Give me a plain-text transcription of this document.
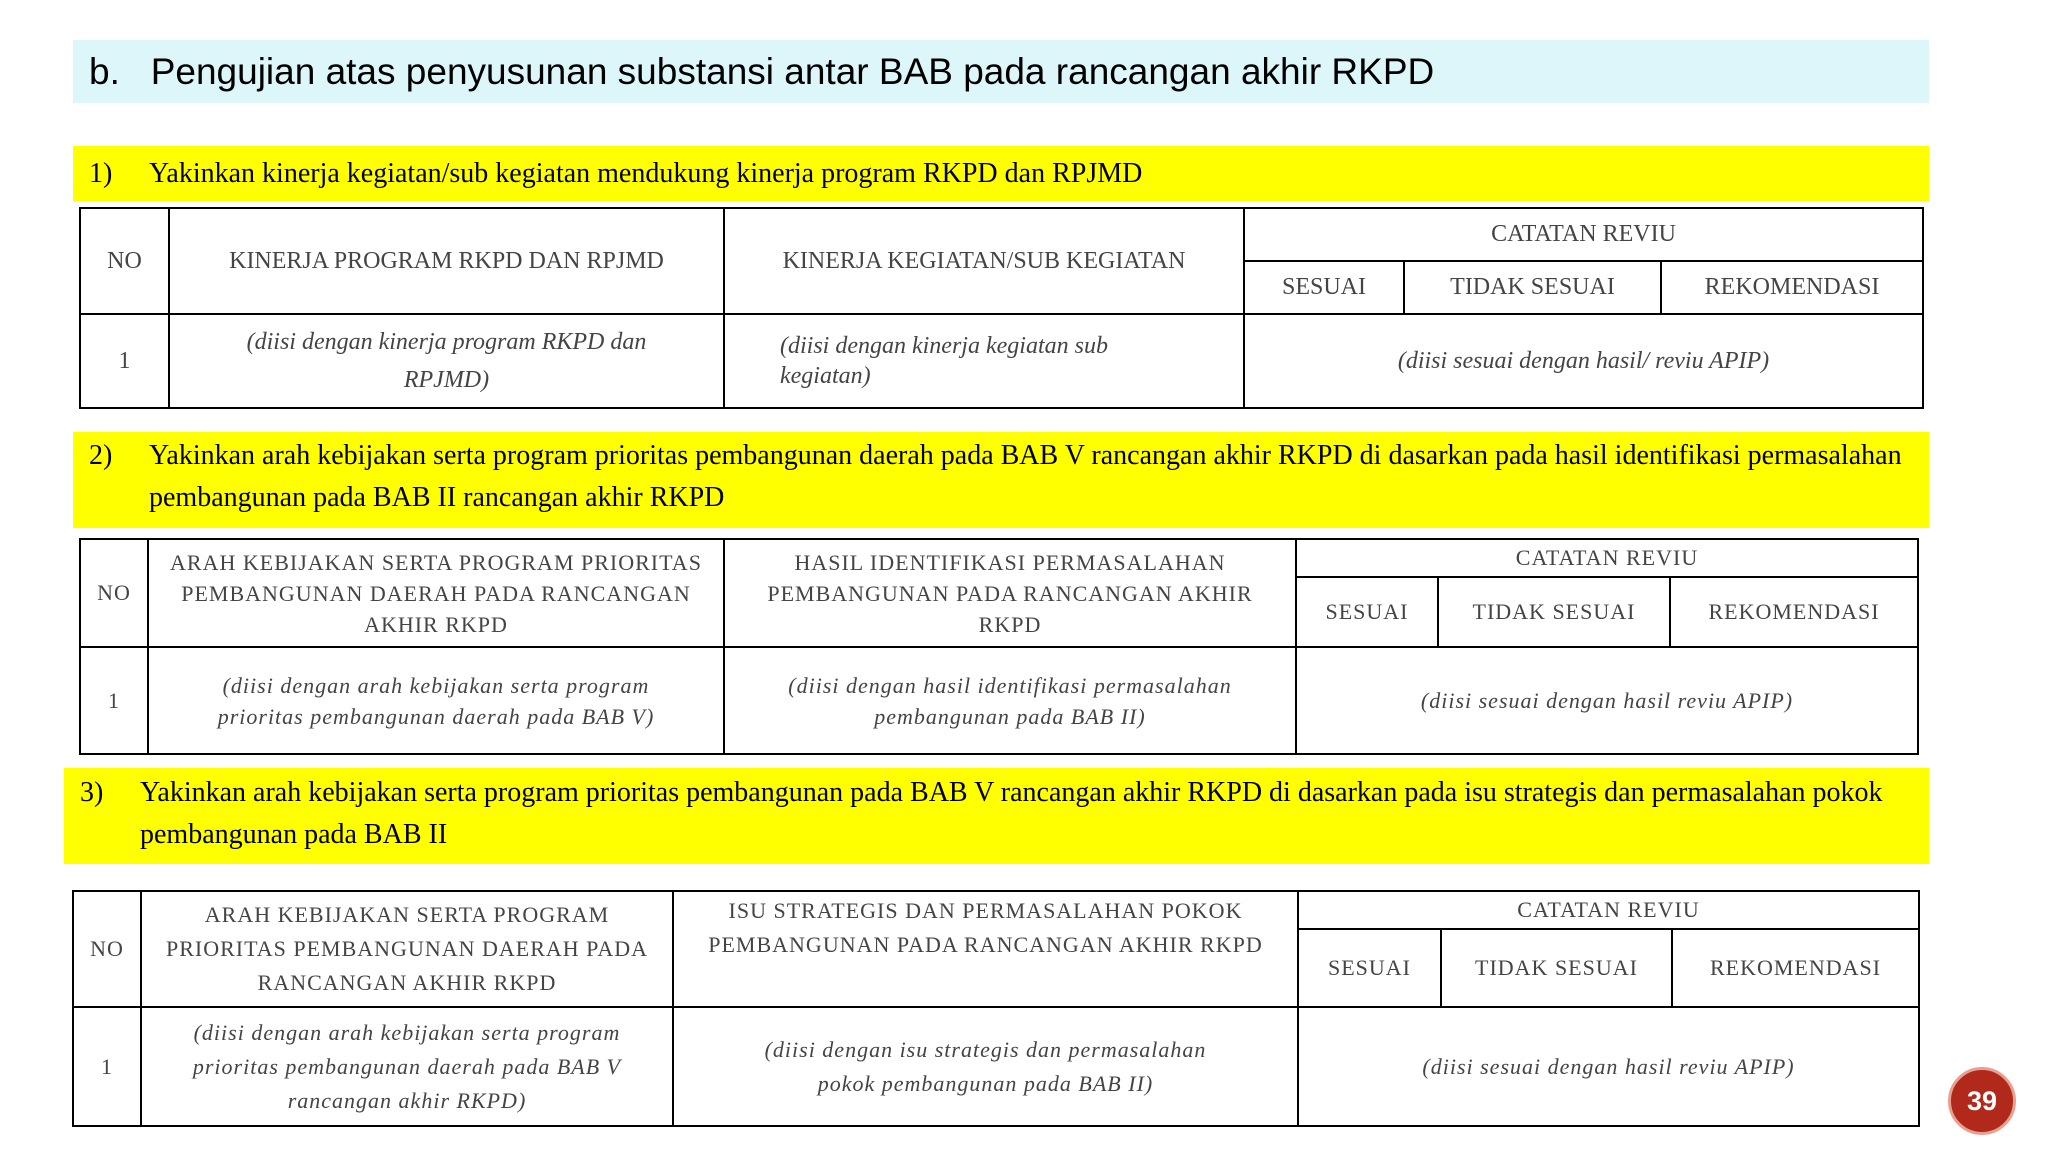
b. Pengujian atas penyusunan substansi antar BAB pada rancangan akhir RKPD
1) Yakinkan kinerja kegiatan/sub kegiatan mendukung kinerja program RKPD dan RPJMD
NO	KINERJA PROGRAM RKPD DAN RPJMD	KINERJA KEGIATAN/SUB KEGIATAN	CATATAN REVIU		
			SESUAI	TIDAK SESUAI	REKOMENDASI
1	(diisi dengan kinerja program RKPD dan RPJMD)	(diisi dengan kinerja kegiatan sub kegiatan)	(diisi sesuai dengan hasil/ reviu APIP)		
2) Yakinkan arah kebijakan serta program prioritas pembangunan daerah pada BAB V rancangan akhir RKPD di dasarkan pada hasil identifikasi permasalahan pembangunan pada BAB II rancangan akhir RKPD
NO	ARAH KEBIJAKAN SERTA PROGRAM PRIORITAS PEMBANGUNAN DAERAH PADA RANCANGAN AKHIR RKPD	HASIL IDENTIFIKASI PERMASALAHAN PEMBANGUNAN PADA RANCANGAN AKHIR RKPD	CATATAN REVIU		
			SESUAI	TIDAK SESUAI	REKOMENDASI
1	(diisi dengan arah kebijakan serta program prioritas pembangunan daerah pada BAB V)	(diisi dengan hasil identifikasi permasalahan pembangunan pada BAB II)	(diisi sesuai dengan hasil reviu APIP)		
3) Yakinkan arah kebijakan serta program prioritas pembangunan pada BAB V rancangan akhir RKPD di dasarkan pada isu strategis dan permasalahan pokok pembangunan pada BAB II
NO	ARAH KEBIJAKAN SERTA PROGRAM PRIORITAS PEMBANGUNAN DAERAH PADA RANCANGAN AKHIR RKPD	ISU STRATEGIS DAN PERMASALAHAN POKOK PEMBANGUNAN PADA RANCANGAN AKHIR RKPD	CATATAN REVIU		
			SESUAI	TIDAK SESUAI	REKOMENDASI
1	(diisi dengan arah kebijakan serta program prioritas pembangunan daerah pada BAB V rancangan akhir RKPD)	(diisi dengan isu strategis dan permasalahan pokok pembangunan pada BAB II)	(diisi sesuai dengan hasil reviu APIP)		
39
